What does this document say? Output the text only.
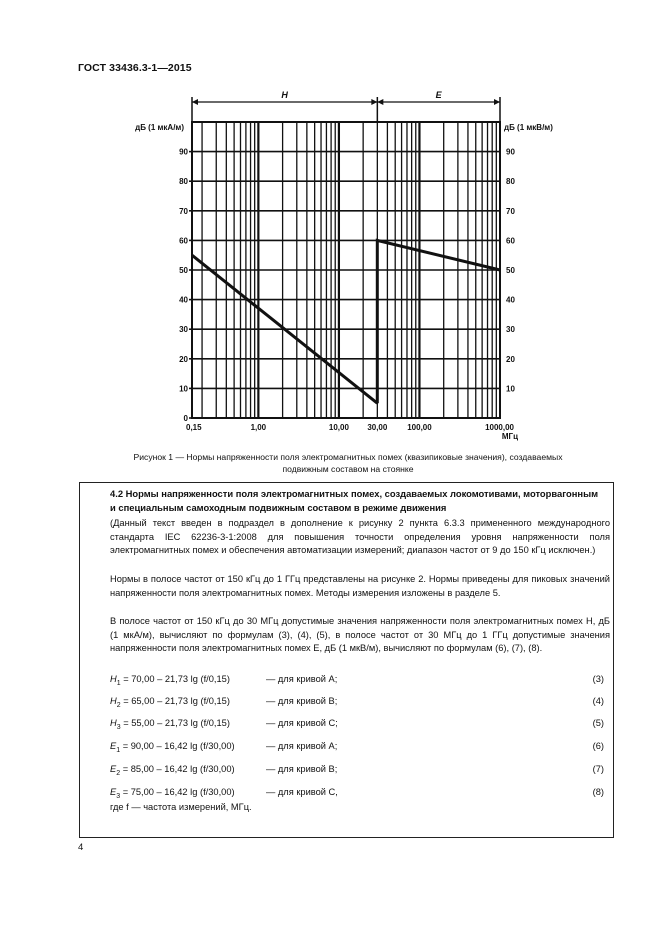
ГОСТ 33436.3-1—2015
0
10	10
20	20
30	30
40	40
50	50
60	60
70	70
80	80
90	90
дБ (1 мкА/м)	дБ (1 мкВ/м)
0,15	1,00	10,00 30,00 100,00	1000,00
МГц
H	E
Рисунок 1 — Нормы напряженности поля электромагнитных помех (квазипиковые значения), создаваемых
подвижным составом на стоянке
4.2 Нормы напряженности поля электромагнитных помех, создаваемых локомотивами, моторвагонным и специальным самоходным подвижным составом в режиме движения
(Данный текст введен в подраздел в дополнение к рисунку 2 пункта 6.3.3 примененного международного стандарта IEC 62236-3-1:2008 для повышения точности определения уровня напряженности поля электромагнитных помех и обеспечения автоматизации измерений; диапазон частот от 9 до 150 кГц исключен.)
Нормы в полосе частот от 150 кГц до 1 ГГц представлены на рисунке 2. Нормы приведены для пиковых значений напряженности поля электромагнитных помех. Методы измерения изложены в разделе 5.
В полосе частот от 150 кГц до 30 МГц допустимые значения напряженности поля электромагнитных помех H, дБ (1 мкА/м), вычисляют по формулам (3), (4), (5), в полосе частот от 30 МГц до 1 ГГц допустимые значения напряженности поля электромагнитных помех E, дБ (1 мкВ/м), вычисляют по формулам (6), (7), (8).
$H_1 = 70,00 - 21,73$ lg (f/0,15)	— для кривой А;	(3)
$H_2 = 65,00 - 21,73$ lg (f/0,15)	— для кривой В;	(4)
$H_3 = 55,00 - 21,73$ lg (f/0,15)	— для кривой С;	(5)
$E_1 = 90,00 - 16,42$ lg (f/30,00)	— для кривой А;	(6)
$E_2 = 85,00 - 16,42$ lg (f/30,00)	— для кривой В;	(7)
$E_3 = 75,00 - 16,42$ lg (f/30,00)	— для кривой С,	(8)
где f — частота измерений, МГц.
4
